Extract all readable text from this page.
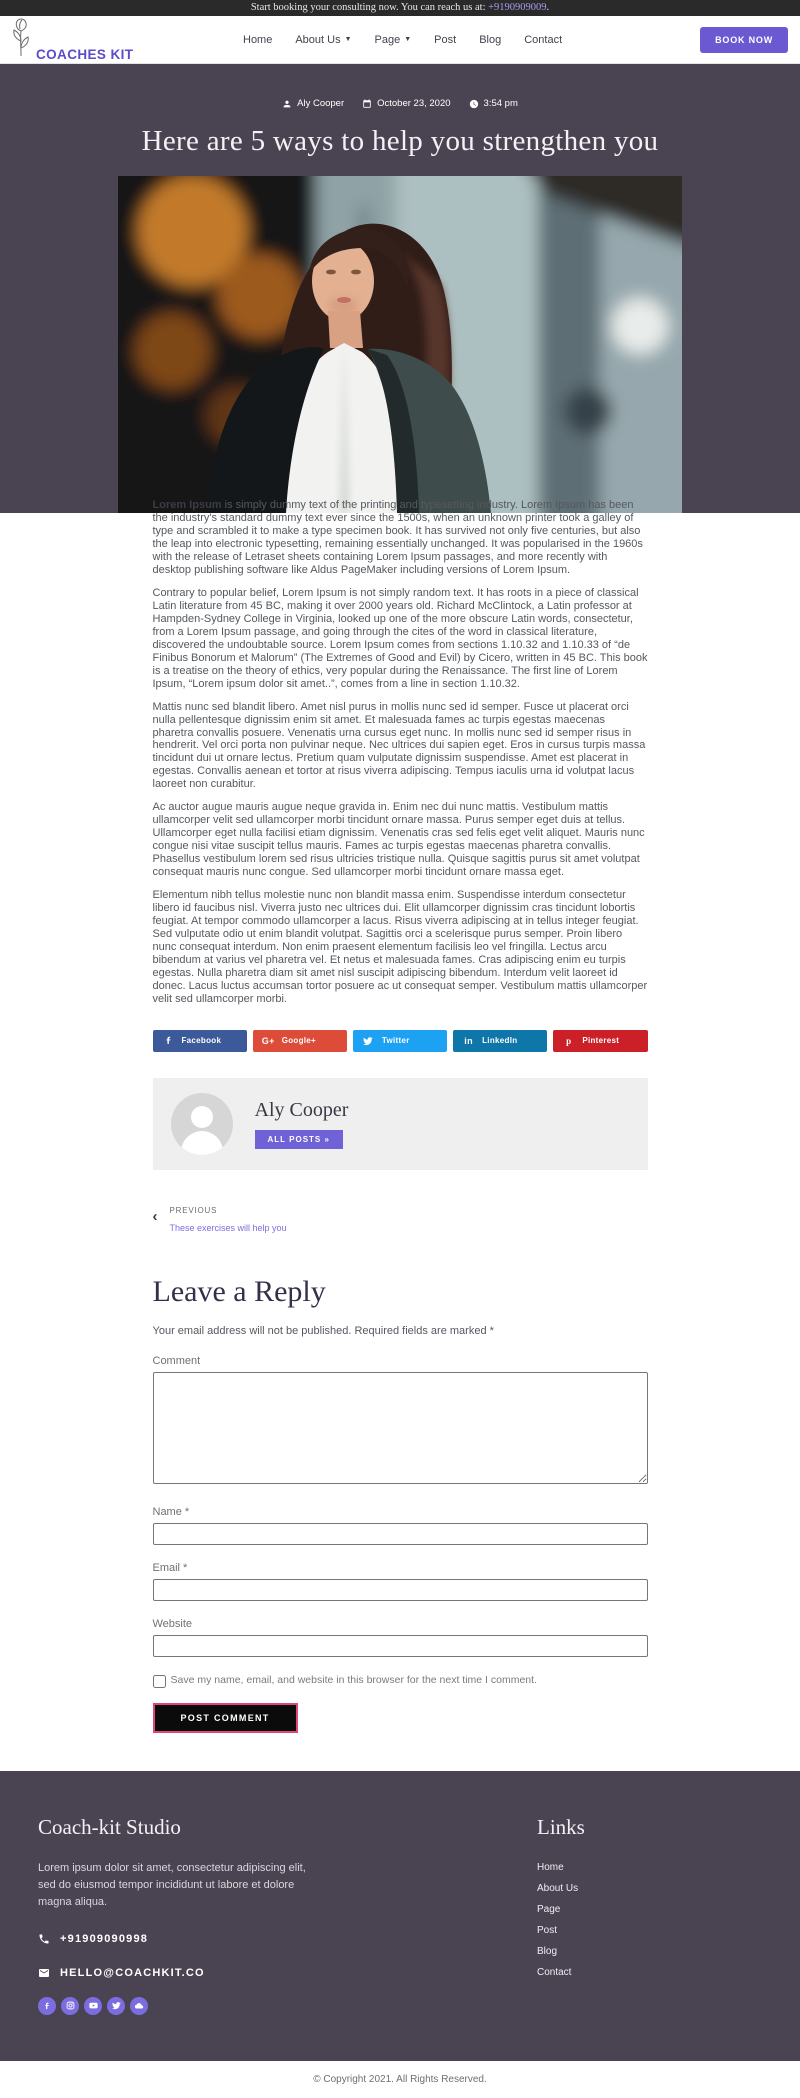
Start booking your consulting now. You can reach us at: +9190909009.
COACHES KIT
Home About Us ▼ Page ▼ Post Blog Contact	BOOK NOW
Aly Cooper	October 23, 2020	3:54 pm
Here are 5 ways to help you strengthen you

Lorem Ipsum is simply dummy text of the printing and typesetting industry. Lorem Ipsum has been the industry's standard dummy text ever since the 1500s, when an unknown printer took a galley of type and scrambled it to make a type specimen book. It has survived not only five centuries, but also the leap into electronic typesetting, remaining essentially unchanged. It was popularised in the 1960s with the release of Letraset sheets containing Lorem Ipsum passages, and more recently with desktop publishing software like Aldus PageMaker including versions of Lorem Ipsum.

Contrary to popular belief, Lorem Ipsum is not simply random text. It has roots in a piece of classical Latin literature from 45 BC, making it over 2000 years old. Richard McClintock, a Latin professor at Hampden-Sydney College in Virginia, looked up one of the more obscure Latin words, consectetur, from a Lorem Ipsum passage, and going through the cites of the word in classical literature, discovered the undoubtable source. Lorem Ipsum comes from sections 1.10.32 and 1.10.33 of “de Finibus Bonorum et Malorum” (The Extremes of Good and Evil) by Cicero, written in 45 BC. This book is a treatise on the theory of ethics, very popular during the Renaissance. The first line of Lorem Ipsum, “Lorem ipsum dolor sit amet..”, comes from a line in section 1.10.32.

Mattis nunc sed blandit libero. Amet nisl purus in mollis nunc sed id semper. Fusce ut placerat orci nulla pellentesque dignissim enim sit amet. Et malesuada fames ac turpis egestas maecenas pharetra convallis posuere. Venenatis urna cursus eget nunc. In mollis nunc sed id semper risus in hendrerit. Vel orci porta non pulvinar neque. Nec ultrices dui sapien eget. Eros in cursus turpis massa tincidunt dui ut ornare lectus. Pretium quam vulputate dignissim suspendisse. Amet est placerat in egestas. Convallis aenean et tortor at risus viverra adipiscing. Tempus iaculis urna id volutpat lacus laoreet non curabitur.

Ac auctor augue mauris augue neque gravida in. Enim nec dui nunc mattis. Vestibulum mattis ullamcorper velit sed ullamcorper morbi tincidunt ornare massa. Purus semper eget duis at tellus. Ullamcorper eget nulla facilisi etiam dignissim. Venenatis cras sed felis eget velit aliquet. Mauris nunc congue nisi vitae suscipit tellus mauris. Fames ac turpis egestas maecenas pharetra convallis. Phasellus vestibulum lorem sed risus ultricies tristique nulla. Quisque sagittis purus sit amet volutpat consequat mauris nunc congue. Sed ullamcorper morbi tincidunt ornare massa eget.

Elementum nibh tellus molestie nunc non blandit massa enim. Suspendisse interdum consectetur libero id faucibus nisl. Viverra justo nec ultrices dui. Elit ullamcorper dignissim cras tincidunt lobortis feugiat. At tempor commodo ullamcorper a lacus. Risus viverra adipiscing at in tellus integer feugiat. Sed vulputate odio ut enim blandit volutpat. Sagittis orci a scelerisque purus semper. Proin libero nunc consequat interdum. Non enim praesent elementum facilisis leo vel fringilla. Lectus arcu bibendum at varius vel pharetra vel. Et netus et malesuada fames. Cras adipiscing enim eu turpis egestas. Nulla pharetra diam sit amet nisl suscipit adipiscing bibendum. Interdum velit laoreet id donec. Lacus luctus accumsan tortor posuere ac ut consequat semper. Vestibulum mattis ullamcorper velit sed ullamcorper morbi.

Facebook	G+ Google+	Twitter	in LinkedIn	p	Pinterest
Aly Cooper
ALL POSTS »
‹ PREVIOUS
These exercises will help you
Leave a Reply

Your email address will not be published. Required fields are marked *

Comment
Name *
Email *
Website
Save my name, email, and website in this browser for the next time I comment.
POST COMMENT
Coach-kit Studio

Lorem ipsum dolor sit amet, consectetur adipiscing elit, sed do eiusmod tempor incididunt ut labore et dolore magna aliqua.

+91909090998
HELLO@COACHKIT.CO
Links
Home
About Us
Page
Post
Blog
Contact
© Copyright 2021. All Rights Reserved.
